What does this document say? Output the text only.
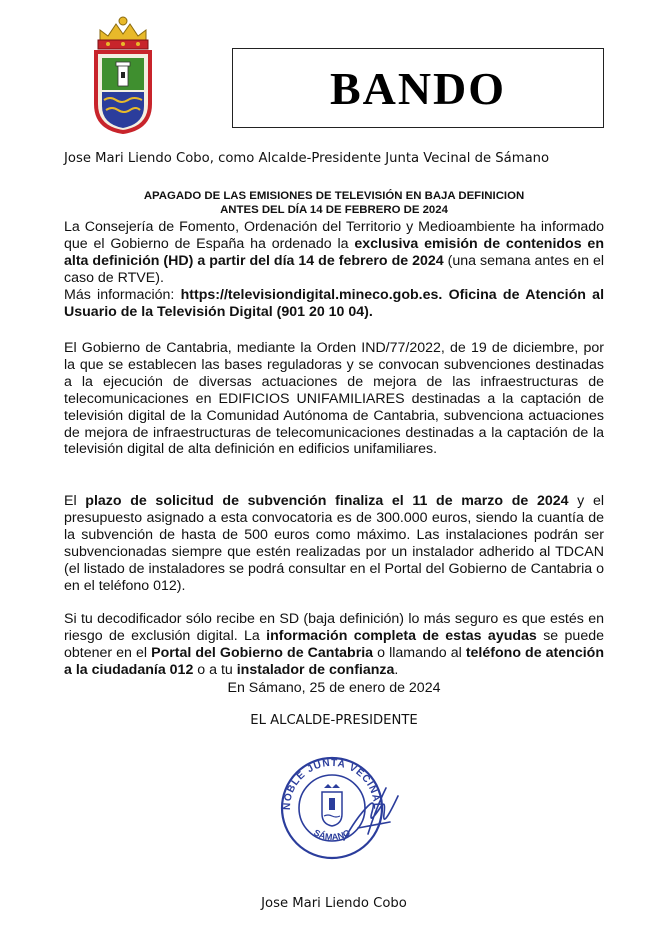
BANDO
Jose Mari Liendo Cobo, como Alcalde-Presidente Junta Vecinal de Sámano
APAGADO DE LAS EMISIONES DE TELEVISIÓN EN BAJA DEFINICION
ANTES DEL DÍA 14 DE FEBRERO DE 2024
La Consejería de Fomento, Ordenación del Territorio y Medioambiente ha informado que el Gobierno de España ha ordenado la exclusiva emisión de contenidos en alta definición (HD) a partir del día 14 de febrero de 2024 (una semana antes en el caso de RTVE).
Más información: https://televisiondigital.mineco.gob.es. Oficina de Atención al Usuario de la Televisión Digital (901 20 10 04).
El Gobierno de Cantabria, mediante la Orden IND/77/2022, de 19 de diciembre, por la que se establecen las bases reguladoras y se convocan subvenciones destinadas a la ejecución de diversas actuaciones de mejora de las infraestructuras de telecomunicaciones en EDIFICIOS UNIFAMILIARES destinadas a la captación de televisión digital de la Comunidad Autónoma de Cantabria, subvenciona actuaciones de mejora de infraestructuras de telecomunicaciones destinadas a la captación de la televisión digital de alta definición en edificios unifamiliares.
El plazo de solicitud de subvención finaliza el 11 de marzo de 2024 y el presupuesto asignado a esta convocatoria es de 300.000 euros, siendo la cuantía de la subvención de hasta de 500 euros como máximo. Las instalaciones podrán ser subvencionadas siempre que estén realizadas por un instalador adherido al TDCAN (el listado de instaladores se podrá consultar en el Portal del Gobierno de Cantabria o en el teléfono 012).
Si tu decodificador sólo recibe en SD (baja definición) lo más seguro es que estés en riesgo de exclusión digital. La información completa de estas ayudas se puede obtener en el Portal del Gobierno de Cantabria o llamando al teléfono de atención a la ciudadanía 012 o a tu instalador de confianza.
En Sámano, 25 de enero de 2024
EL ALCALDE-PRESIDENTE
NOBLE JUNTA VECINAL
SÁMANO
Jose Mari Liendo Cobo
